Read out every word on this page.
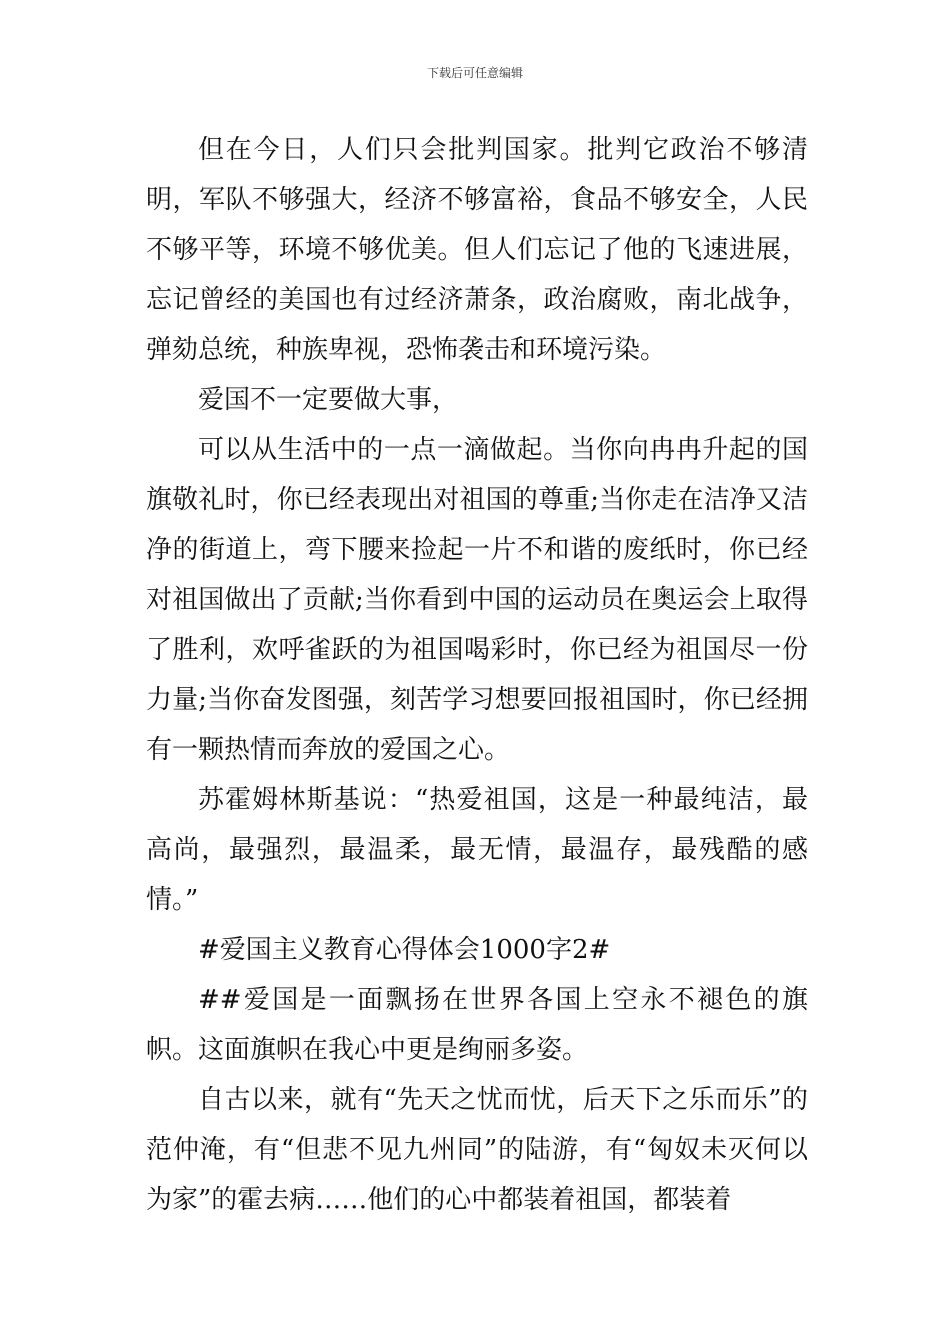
下载后可任意编辑

但在今日，人们只会批判国家。批判它政治不够清明，军队不够强大，经济不够富裕，食品不够安全，人民不够平等，环境不够优美。但人们忘记了他的飞速进展，忘记曾经的美国也有过经济萧条，政治腐败，南北战争，弹劾总统，种族卑视，恐怖袭击和环境污染。

爱国不一定要做大事，

可以从生活中的一点一滴做起。当你向冉冉升起的国旗敬礼时，你已经表现出对祖国的尊重;当你走在洁净又洁净的街道上，弯下腰来捡起一片不和谐的废纸时，你已经对祖国做出了贡献;当你看到中国的运动员在奥运会上取得了胜利，欢呼雀跃的为祖国喝彩时，你已经为祖国尽一份力量;当你奋发图强，刻苦学习想要回报祖国时，你已经拥有一颗热情而奔放的爱国之心。

苏霍姆林斯基说：“热爱祖国，这是一种最纯洁，最高尚，最强烈，最温柔，最无情，最温存，最残酷的感情。”

#爱国主义教育心得体会1000字2#

##爱国是一面飘扬在世界各国上空永不褪色的旗帜。这面旗帜在我心中更是绚丽多姿。

自古以来，就有“先天之忧而忧，后天下之乐而乐”的范仲淹，有“但悲不见九州同”的陆游，有“匈奴未灭何以为家”的霍去病……他们的心中都装着祖国，都装着
